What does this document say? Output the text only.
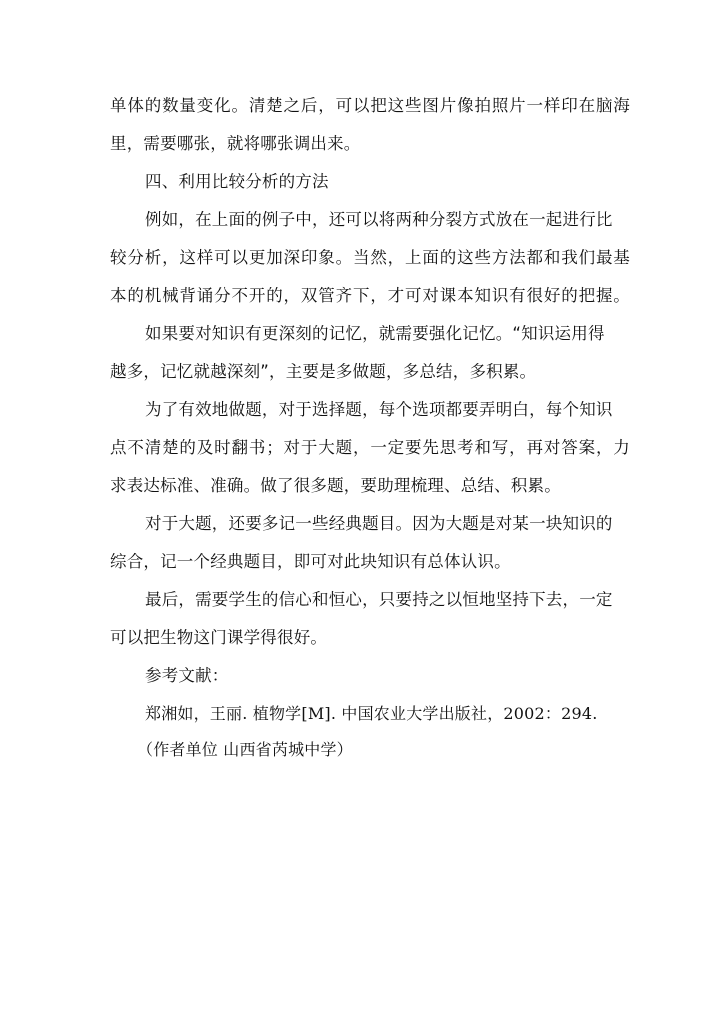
单体的数量变化。清楚之后，可以把这些图片像拍照片一样印在脑海
里，需要哪张，就将哪张调出来。
四、利用比较分析的方法
例如，在上面的例子中，还可以将两种分裂方式放在一起进行比
较分析，这样可以更加深印象。当然，上面的这些方法都和我们最基
本的机械背诵分不开的，双管齐下，才可对课本知识有很好的把握。
如果要对知识有更深刻的记忆，就需要强化记忆。“知识运用得
越多，记忆就越深刻”，主要是多做题，多总结，多积累。
为了有效地做题，对于选择题，每个选项都要弄明白，每个知识
点不清楚的及时翻书；对于大题，一定要先思考和写，再对答案，力
求表达标准、准确。做了很多题，要助理梳理、总结、积累。
对于大题，还要多记一些经典题目。因为大题是对某一块知识的
综合，记一个经典题目，即可对此块知识有总体认识。
最后，需要学生的信心和恒心，只要持之以恒地坚持下去，一定
可以把生物这门课学得很好。
参考文献：
郑湘如，王丽. 植物学[M]. 中国农业大学出版社，2002：294.
（作者单位 山西省芮城中学）
